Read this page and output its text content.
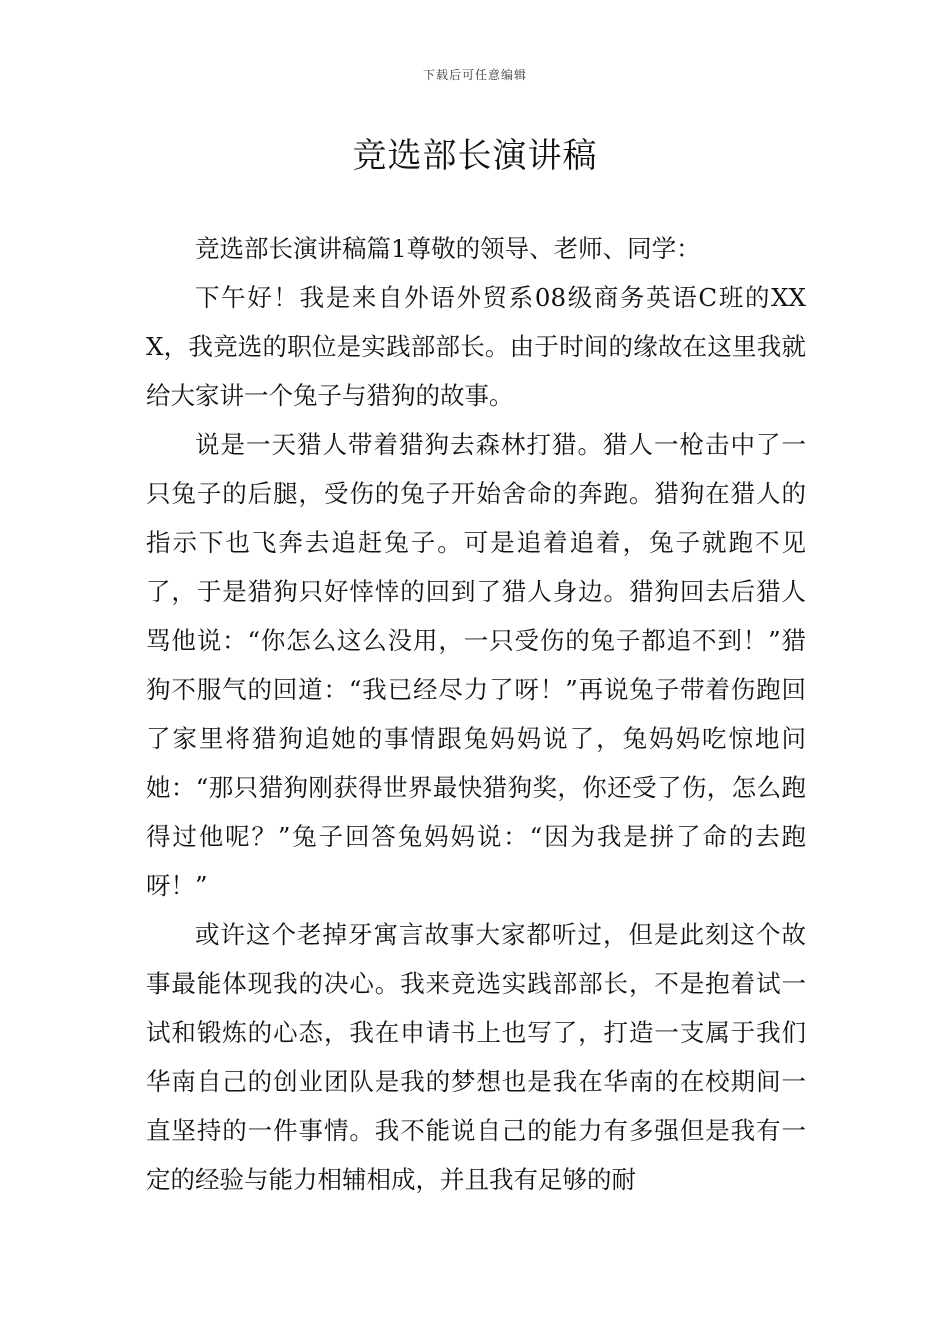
下载后可任意编辑
竞选部长演讲稿

竞选部长演讲稿篇1尊敬的领导、老师、同学：

下午好！我是来自外语外贸系08级商务英语C班的XXX，我竞选的职位是实践部部长。由于时间的缘故在这里我就给大家讲一个兔子与猎狗的故事。

说是一天猎人带着猎狗去森林打猎。猎人一枪击中了一只兔子的后腿，受伤的兔子开始舍命的奔跑。猎狗在猎人的指示下也飞奔去追赶兔子。可是追着追着，兔子就跑不见了，于是猎狗只好悻悻的回到了猎人身边。猎狗回去后猎人骂他说：“你怎么这么没用，一只受伤的兔子都追不到！”猎狗不服气的回道：“我已经尽力了呀！”再说兔子带着伤跑回了家里将猎狗追她的事情跟兔妈妈说了，兔妈妈吃惊地问她：“那只猎狗刚获得世界最快猎狗奖，你还受了伤，怎么跑得过他呢？”兔子回答兔妈妈说：“因为我是拼了命的去跑呀！”

或许这个老掉牙寓言故事大家都听过，但是此刻这个故事最能体现我的决心。我来竞选实践部部长，不是抱着试一试和锻炼的心态，我在申请书上也写了，打造一支属于我们华南自己的创业团队是我的梦想也是我在华南的在校期间一直坚持的一件事情。我不能说自己的能力有多强但是我有一定的经验与能力相辅相成，并且我有足够的耐
